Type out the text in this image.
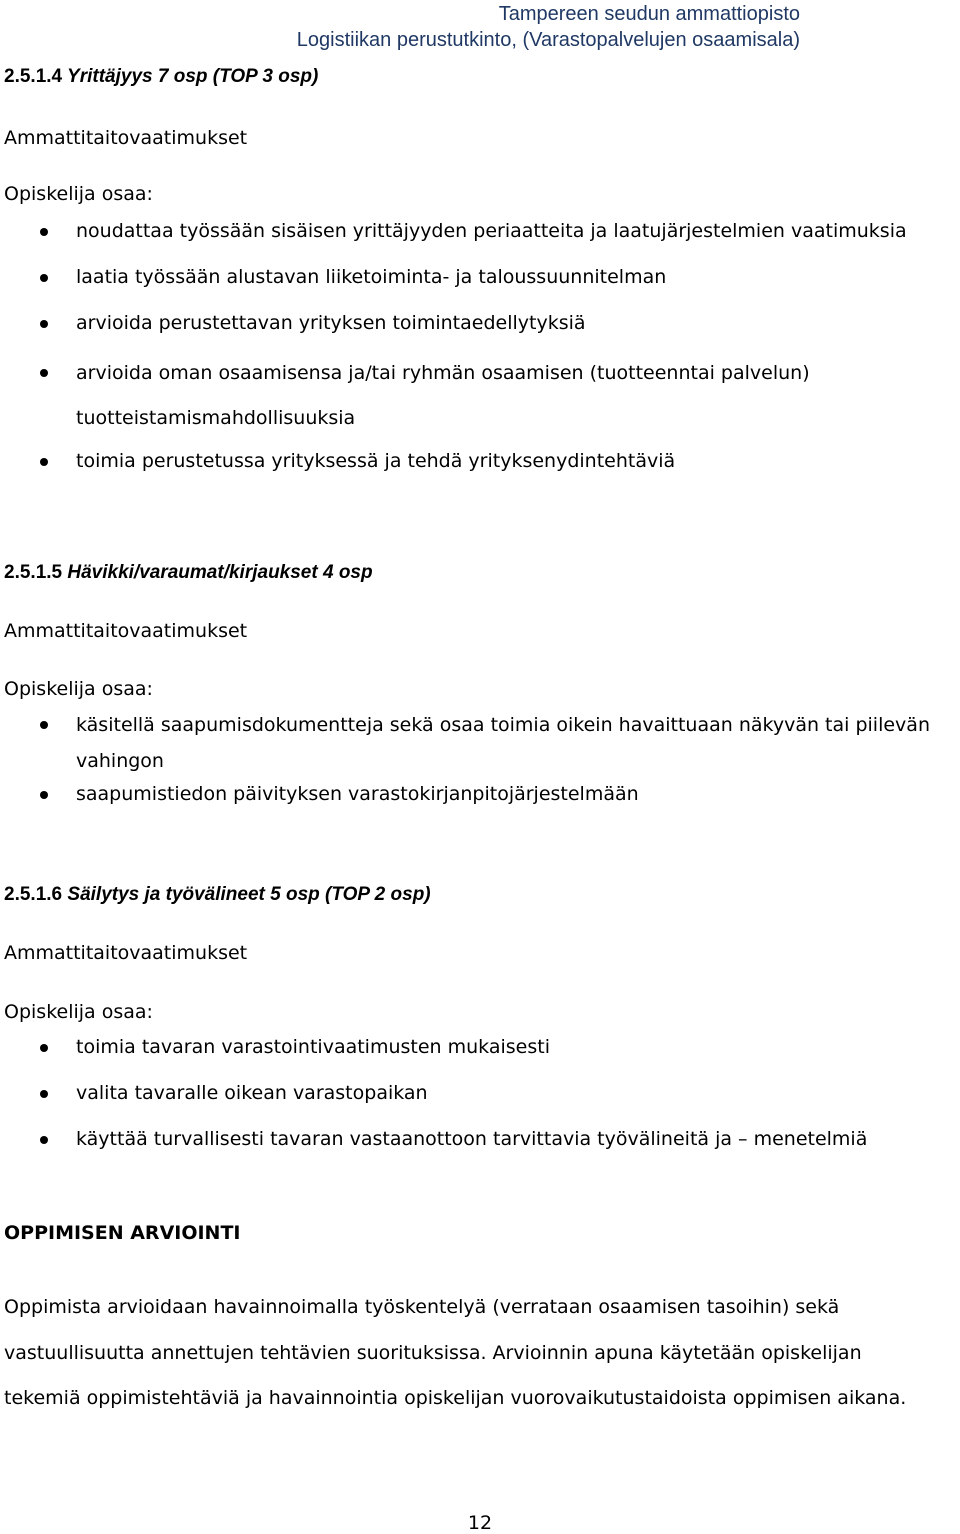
Tampereen seudun ammattiopisto
Logistiikan perustutkinto, (Varastopalvelujen osaamisala)
2.5.1.4 Yrittäjyys 7 osp (TOP 3 osp)
Ammattitaitovaatimukset
Opiskelija osaa:
noudattaa työssään sisäisen yrittäjyyden periaatteita ja laatujärjestelmien vaatimuksia
laatia työssään alustavan liiketoiminta- ja taloussuunnitelman
arvioida perustettavan yrityksen toimintaedellytyksiä
arvioida oman osaamisensa ja/tai ryhmän osaamisen (tuotteenntai palvelun) tuotteistamismahdollisuuksia
toimia perustetussa yrityksessä ja tehdä yrityksenydintehtäviä
2.5.1.5 Hävikki/varaumat/kirjaukset 4 osp
Ammattitaitovaatimukset
Opiskelija osaa:
käsitellä saapumisdokumentteja sekä osaa toimia oikein havaittuaan näkyvän tai piilevän vahingon
saapumistiedon päivityksen varastokirjanpitojärjestelmään
2.5.1.6 Säilytys ja työvälineet 5 osp (TOP 2 osp)
Ammattitaitovaatimukset
Opiskelija osaa:
toimia tavaran varastointivaatimusten mukaisesti
valita tavaralle oikean varastopaikan
käyttää turvallisesti tavaran vastaanottoon tarvittavia työvälineitä ja – menetelmiä
OPPIMISEN ARVIOINTI
Oppimista arvioidaan havainnoimalla työskentelyä (verrataan osaamisen tasoihin) sekä
vastuullisuutta annettujen tehtävien suorituksissa. Arvioinnin apuna käytetään opiskelijan
tekemiä oppimistehtäviä ja havainnointia opiskelijan vuorovaikutustaidoista oppimisen aikana.
12
